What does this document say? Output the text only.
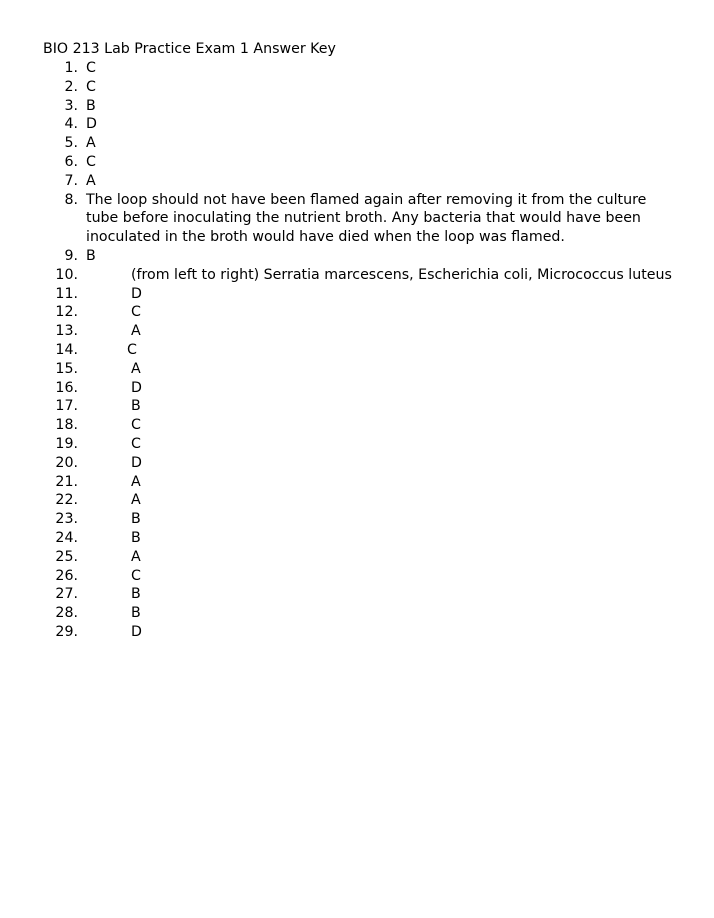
BIO 213 Lab Practice Exam 1 Answer Key
1. C
2. C
3. B
4. D
5. A
6. C
7. A
8. The loop should not have been flamed again after removing it from the culture tube before inoculating the nutrient broth. Any bacteria that would have been inoculated in the broth would have died when the loop was flamed.
9. B
10.	(from left to right) Serratia marcescens, Escherichia coli, Micrococcus luteus
11.	D
12.	C
13.	A
14.	C
15.	A
16.	D
17.	B
18.	C
19.	C
20.	D
21.	A
22.	A
23.	B
24.	B
25.	A
26.	C
27.	B
28.	B
29.	D
